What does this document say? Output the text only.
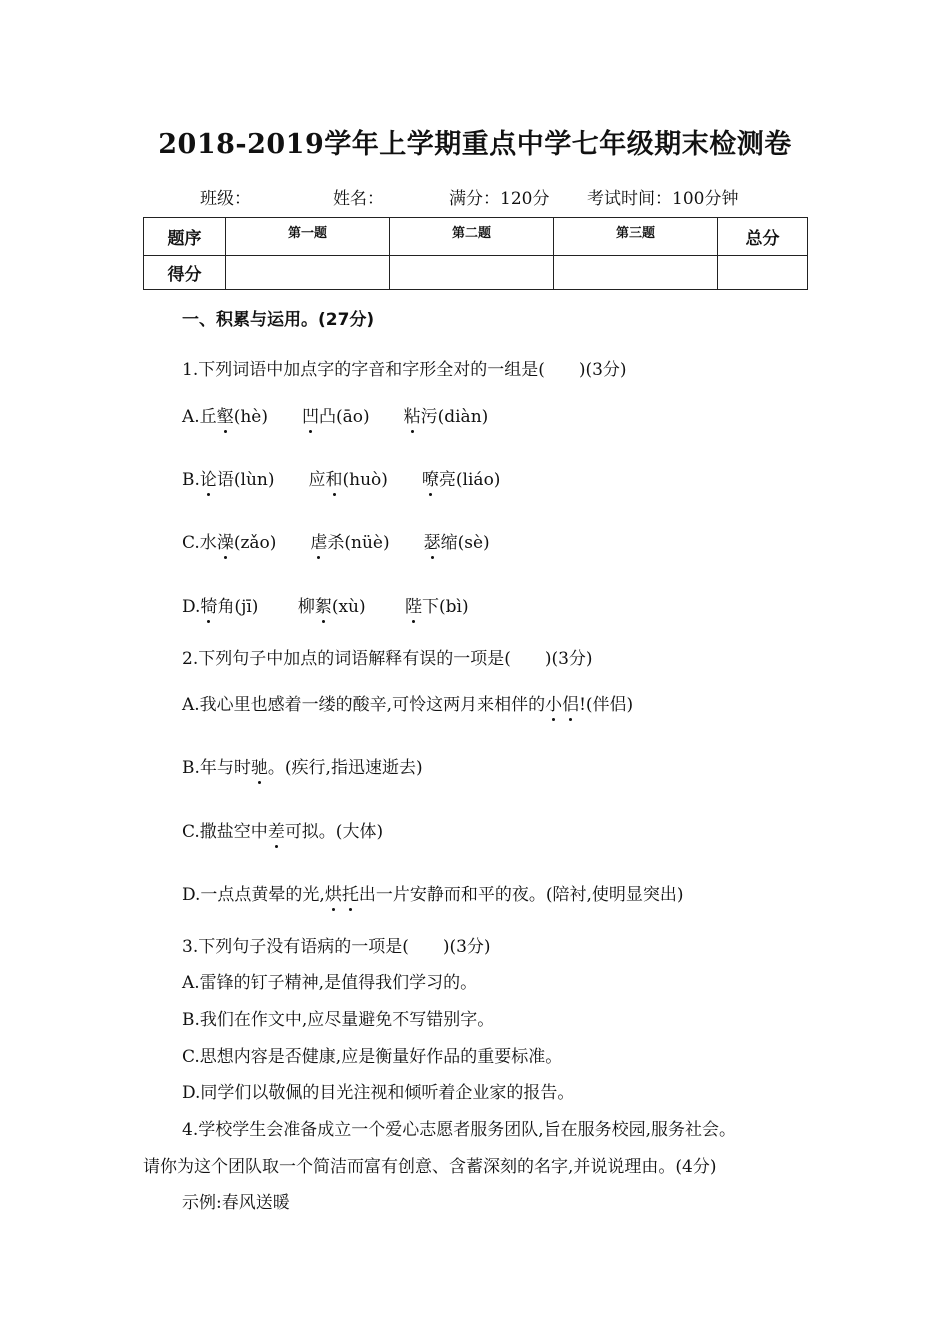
2018-2019学年上学期重点中学七年级期末检测卷
班级：	姓名：	满分：120分 考试时间：100分钟
题序	第一题	第二题	第三题	总分
得分				
一、积累与运用。(27分)
1.下列词语中加点字的字音和字形全对的一组是(　　)(3分)
A.丘壑(hè)　　凹凸(āo)　　粘污(diàn)
B.论语(lùn)　　应和(huò)　　嘹亮(liáo)
C.水澡(zǎo)　　虐杀(nüè)　　瑟缩(sè)
D.犄角(jī)　　 柳絮(xù)　　 陛下(bì)
2.下列句子中加点的词语解释有误的一项是(　　)(3分)
A.我心里也感着一缕的酸辛,可怜这两月来相伴的小侣!(伴侣)
B.年与时驰。(疾行,指迅速逝去)
C.撒盐空中差可拟。(大体)
D.一点点黄晕的光,烘托出一片安静而和平的夜。(陪衬,使明显突出)
3.下列句子没有语病的一项是(　　)(3分)
A.雷锋的钉子精神,是值得我们学习的。
B.我们在作文中,应尽量避免不写错别字。
C.思想内容是否健康,应是衡量好作品的重要标准。
D.同学们以敬佩的目光注视和倾听着企业家的报告。
4.学校学生会准备成立一个爱心志愿者服务团队,旨在服务校园,服务社会。
请你为这个团队取一个简洁而富有创意、含蓄深刻的名字,并说说理由。(4分)
示例:春风送暖
